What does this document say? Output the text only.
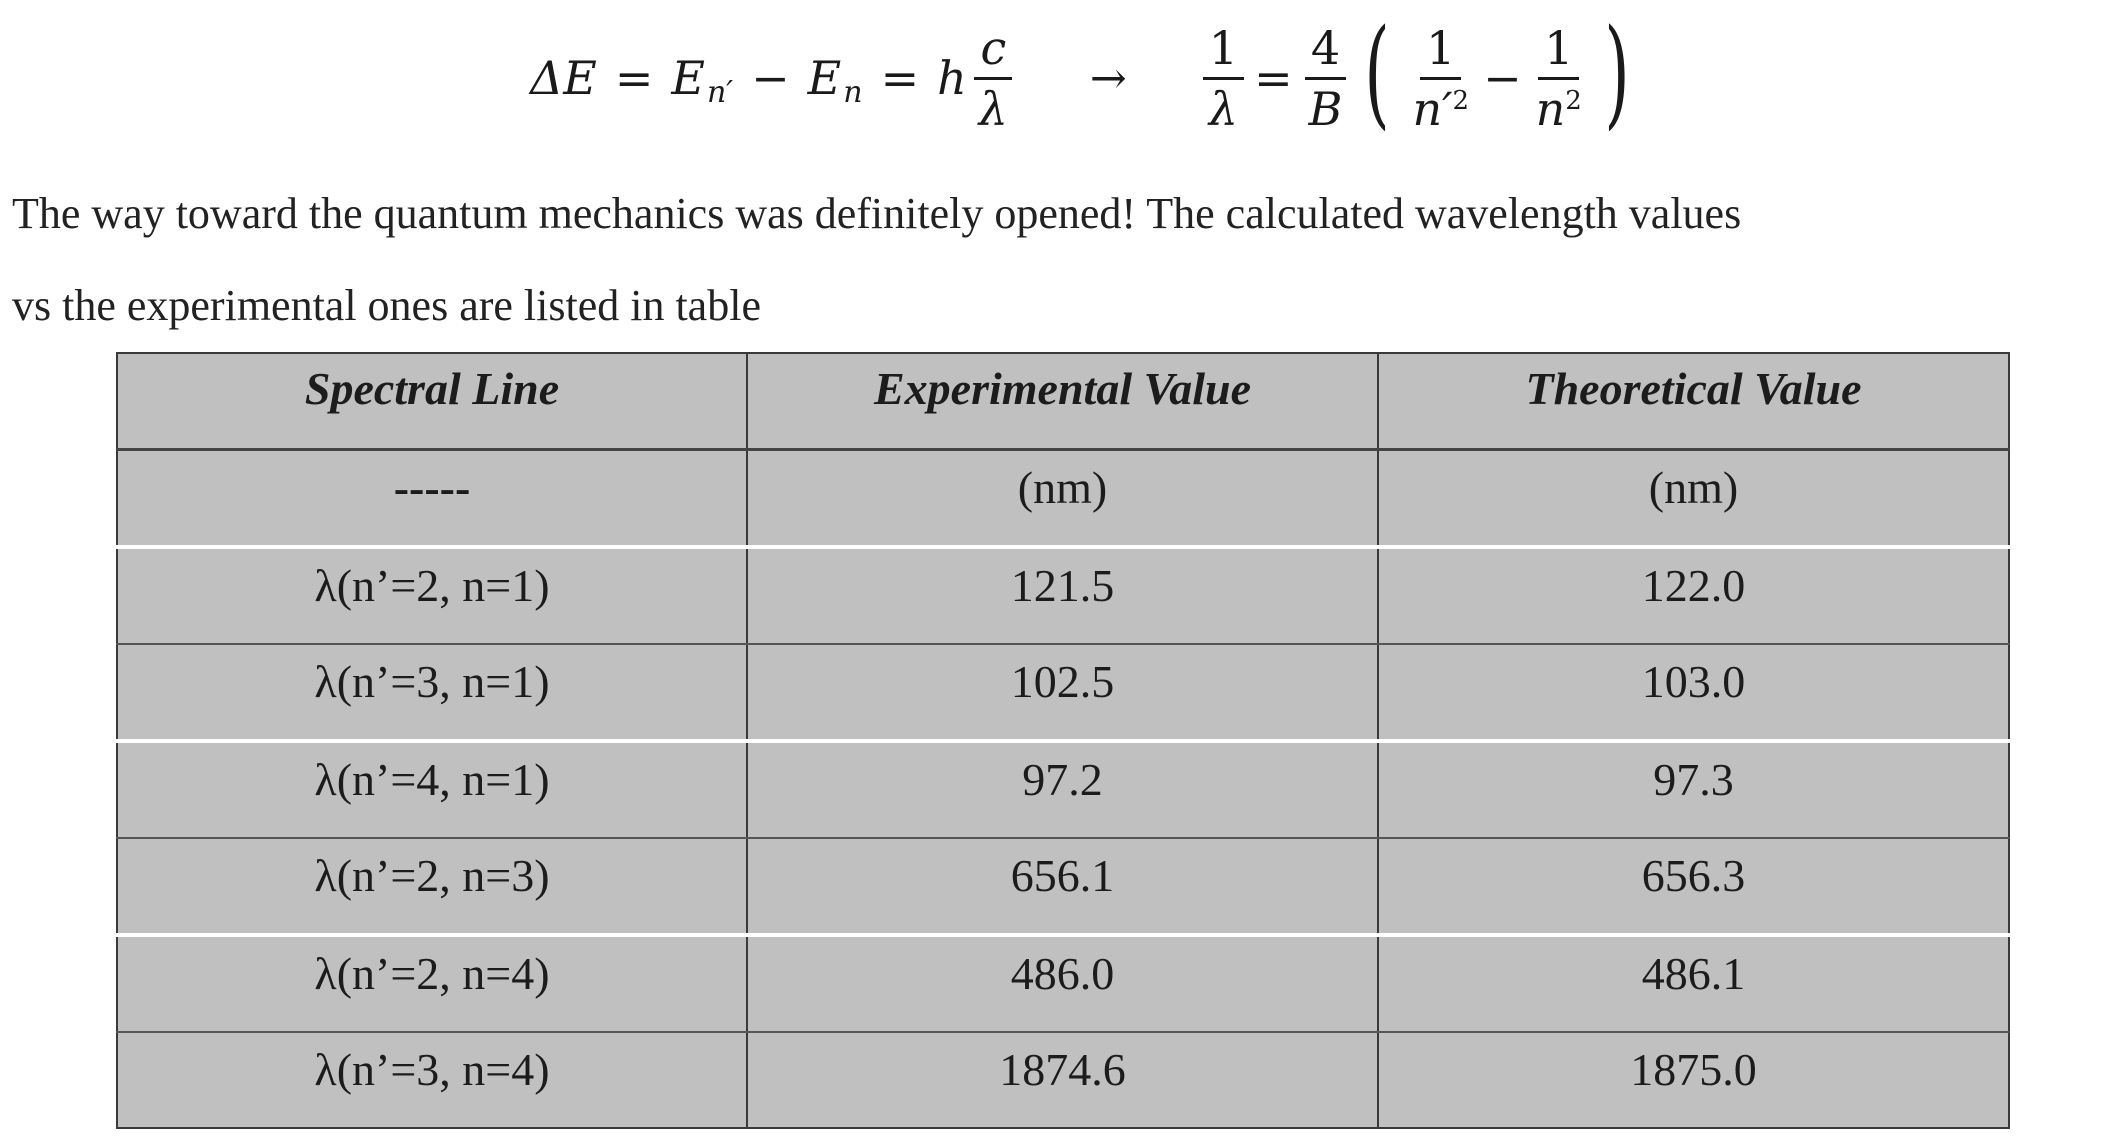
ΔE = E n′ − E n = h $\frac{c}{\lambda} \to \frac{1}{\lambda} = \frac{4}{B}$ ( $\frac{1}{n'^2} - \frac{1}{n^2}$ )

The way toward the quantum mechanics was definitely opened! The calculated wavelength values

vs the experimental ones are listed in table

Spectral Line	Experimental Value	Theoretical Value
-----	(nm)	(nm)
λ(n’=2, n=1)	121.5	122.0
λ(n’=3, n=1)	102.5	103.0
λ(n’=4, n=1)	97.2	97.3
λ(n’=2, n=3)	656.1	656.3
λ(n’=2, n=4)	486.0	486.1
λ(n’=3, n=4)	1874.6	1875.0
